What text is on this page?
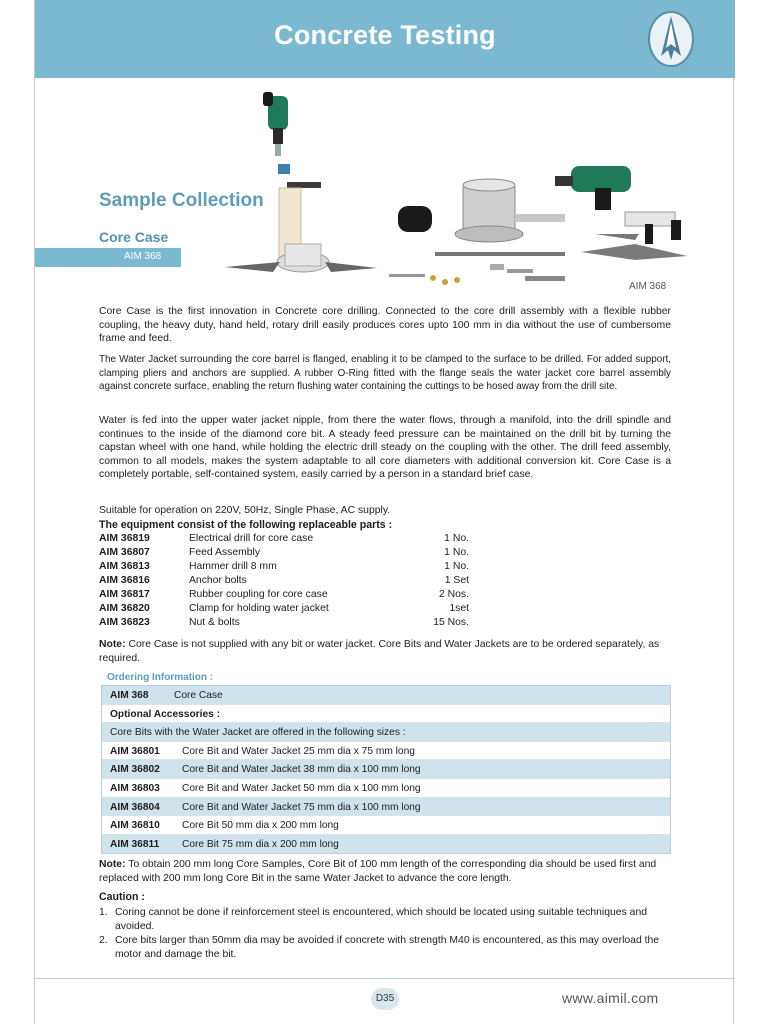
Concrete Testing
Sample Collection
Core Case
AIM 368
AIM 368
Core Case is the first innovation in Concrete core drilling. Connected to the core drill assembly with a flexible rubber coupling, the heavy duty, hand held, rotary drill easily produces cores upto 100 mm in dia without the use of cumbersome frame and feed.
The Water Jacket surrounding the core barrel is flanged, enabling it to be clamped to the surface to be drilled. For added support, clamping pliers and anchors are supplied. A rubber O-Ring fitted with the flange seals the water jacket core barrel assembly against concrete surface, enabling the return flushing water containing the cuttings to be hosed away from the drill site.
Water is fed into the upper water jacket nipple, from there the water flows, through a manifold, into the drill spindle and continues to the inside of the diamond core bit. A steady feed pressure can be maintained on the drill bit by turning the capstan wheel with one hand, while holding the electric drill steady on the coupling with the other. The drill feed assembly, common to all models, makes the system adaptable to all core diameters with additional conversion kit. Core Case is a completely portable, self-contained system, easily carried by a person in a standard brief case.
Suitable for operation on 220V, 50Hz, Single Phase, AC supply.
The equipment consist of the following replaceable parts :
AIM 36819	Electrical drill for core case	1 No.
AIM 36807	Feed Assembly	1 No.
AIM 36813	Hammer drill 8 mm	1 No.
AIM 36816	Anchor bolts	1 Set
AIM 36817	Rubber coupling for core case	2 Nos.
AIM 36820	Clamp for holding water jacket	1set
AIM 36823	Nut & bolts	15 Nos.
Note: Core Case is not supplied with any bit or water jacket. Core Bits and Water Jackets are to be ordered separately, as required.
Ordering Information :
AIM 368 Core Case
Optional Accessories :
Core Bits with the Water Jacket are offered in the following sizes :
AIM 36801 Core Bit and Water Jacket 25 mm dia x 75 mm long
AIM 36802 Core Bit and Water Jacket 38 mm dia x 100 mm long
AIM 36803 Core Bit and Water Jacket 50 mm dia x 100 mm long
AIM 36804 Core Bit and Water Jacket 75 mm dia x 100 mm long
AIM 36810 Core Bit 50 mm dia x 200 mm long
AIM 36811 Core Bit 75 mm dia x 200 mm long
Note: To obtain 200 mm long Core Samples, Core Bit of 100 mm length of the corresponding dia should be used first and replaced with 200 mm long Core Bit in the same Water Jacket to advance the core length.
Caution :
1. Coring cannot be done if reinforcement steel is encountered, which should be located using suitable techniques and avoided.
2. Core bits larger than 50mm dia may be avoided if concrete with strength M40 is encountered, as this may overload the motor and damage the bit.
D35	www.aimil.com
